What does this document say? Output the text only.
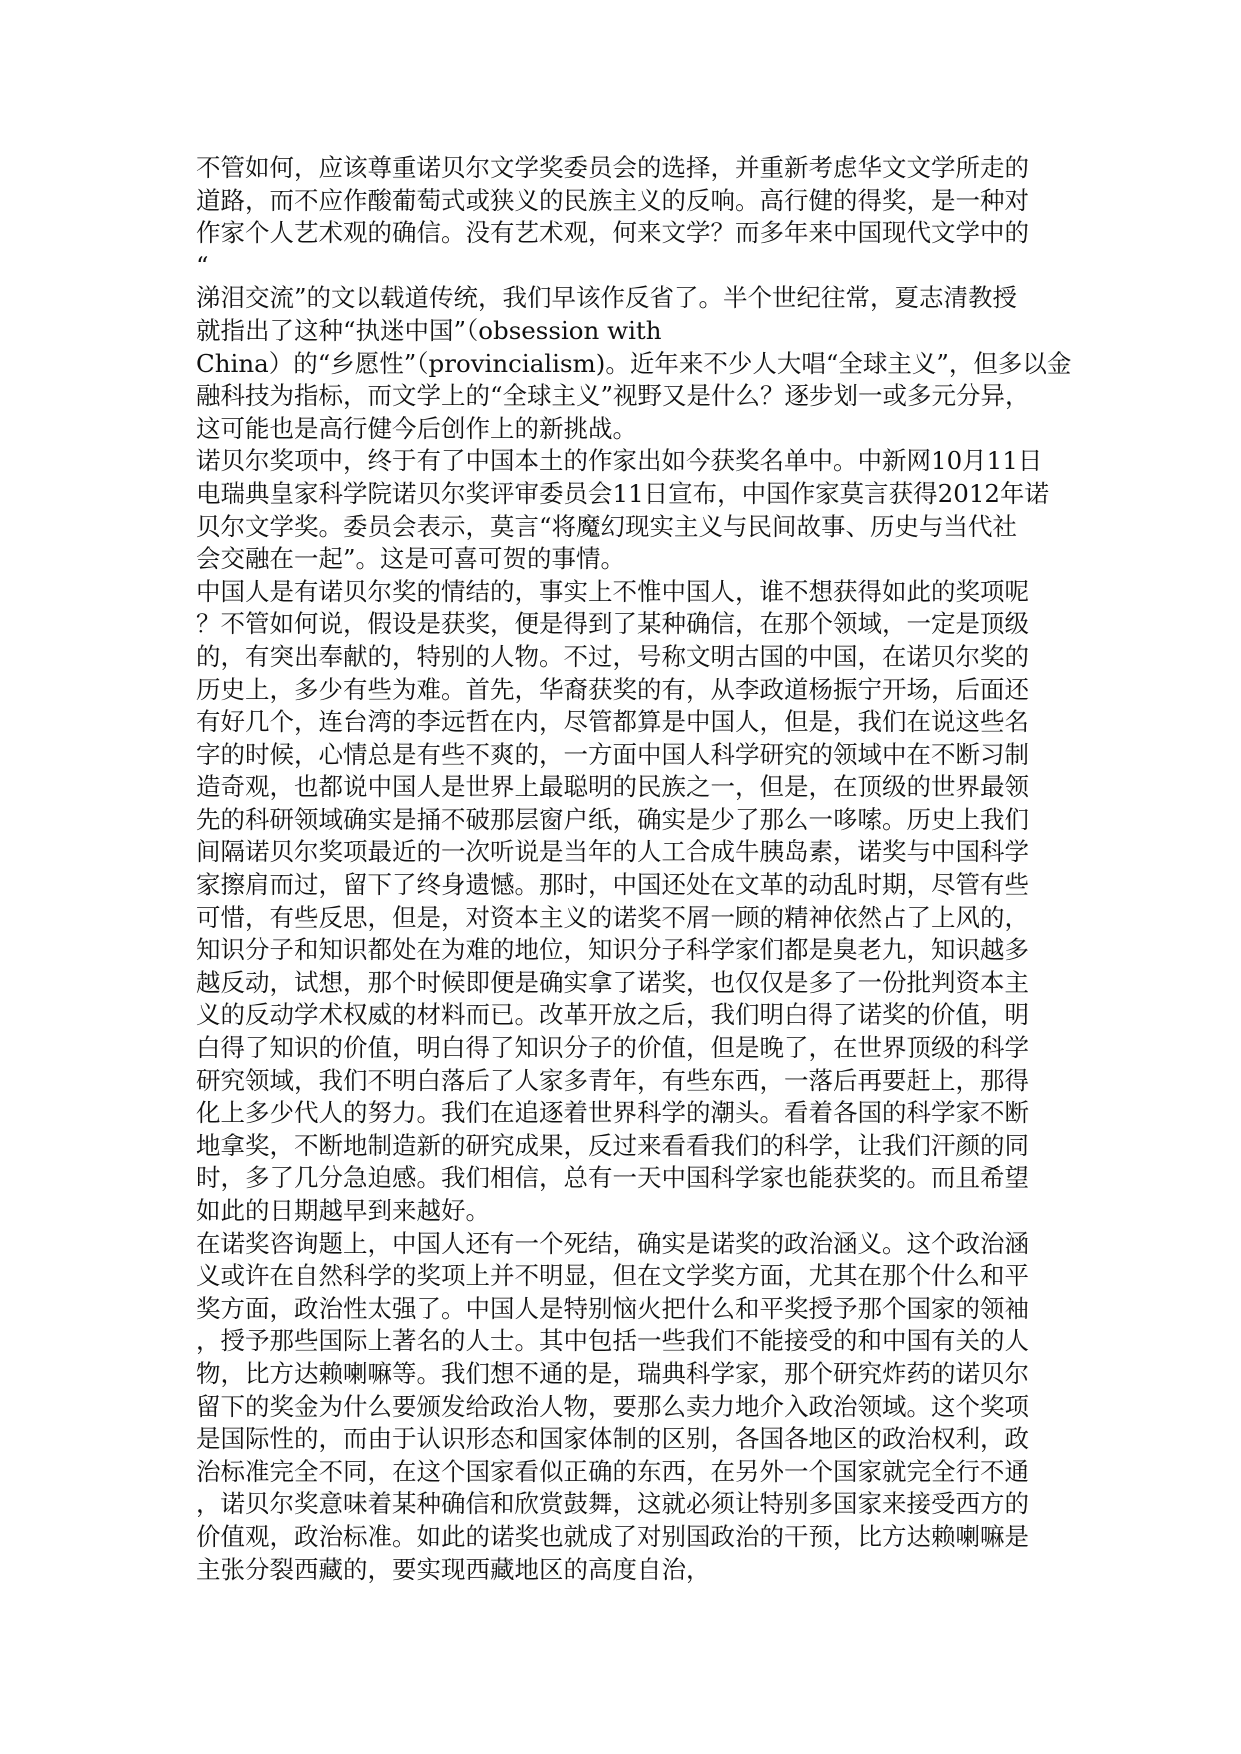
不管如何，应该尊重诺贝尔文学奖委员会的选择，并重新考虑华文文学所走的
道路，而不应作酸葡萄式或狭义的民族主义的反响。高行健的得奖，是一种对
作家个人艺术观的确信。没有艺术观，何来文学？而多年来中国现代文学中的
“
涕泪交流”的文以载道传统，我们早该作反省了。半个世纪往常，夏志清教授
就指出了这种“执迷中国”（obsession with
China）的“乡愿性”（provincialism)。近年来不少人大唱“全球主义”，但多以金
融科技为指标，而文学上的“全球主义”视野又是什么？逐步划一或多元分异，
这可能也是高行健今后创作上的新挑战。
诺贝尔奖项中，终于有了中国本土的作家出如今获奖名单中。中新网10月11日
电瑞典皇家科学院诺贝尔奖评审委员会11日宣布，中国作家莫言获得2012年诺
贝尔文学奖。委员会表示，莫言“将魔幻现实主义与民间故事、历史与当代社
会交融在一起”。这是可喜可贺的事情。
中国人是有诺贝尔奖的情结的，事实上不惟中国人，谁不想获得如此的奖项呢
？不管如何说，假设是获奖，便是得到了某种确信，在那个领域，一定是顶级
的，有突出奉献的，特别的人物。不过，号称文明古国的中国，在诺贝尔奖的
历史上，多少有些为难。首先，华裔获奖的有，从李政道杨振宁开场，后面还
有好几个，连台湾的李远哲在内，尽管都算是中国人，但是，我们在说这些名
字的时候，心情总是有些不爽的，一方面中国人科学研究的领域中在不断习制
造奇观，也都说中国人是世界上最聪明的民族之一，但是，在顶级的世界最领
先的科研领域确实是捅不破那层窗户纸，确实是少了那么一哆嗦。历史上我们
间隔诺贝尔奖项最近的一次听说是当年的人工合成牛胰岛素，诺奖与中国科学
家擦肩而过，留下了终身遗憾。那时，中国还处在文革的动乱时期，尽管有些
可惜，有些反思，但是，对资本主义的诺奖不屑一顾的精神依然占了上风的，
知识分子和知识都处在为难的地位，知识分子科学家们都是臭老九，知识越多
越反动，试想，那个时候即便是确实拿了诺奖，也仅仅是多了一份批判资本主
义的反动学术权威的材料而已。改革开放之后，我们明白得了诺奖的价值，明
白得了知识的价值，明白得了知识分子的价值，但是晚了，在世界顶级的科学
研究领域，我们不明白落后了人家多青年，有些东西，一落后再要赶上，那得
化上多少代人的努力。我们在追逐着世界科学的潮头。看着各国的科学家不断
地拿奖，不断地制造新的研究成果，反过来看看我们的科学，让我们汗颜的同
时，多了几分急迫感。我们相信，总有一天中国科学家也能获奖的。而且希望
如此的日期越早到来越好。
在诺奖咨询题上，中国人还有一个死结，确实是诺奖的政治涵义。这个政治涵
义或许在自然科学的奖项上并不明显，但在文学奖方面，尤其在那个什么和平
奖方面，政治性太强了。中国人是特别恼火把什么和平奖授予那个国家的领袖
，授予那些国际上著名的人士。其中包括一些我们不能接受的和中国有关的人
物，比方达赖喇嘛等。我们想不通的是，瑞典科学家，那个研究炸药的诺贝尔
留下的奖金为什么要颁发给政治人物，要那么卖力地介入政治领域。这个奖项
是国际性的，而由于认识形态和国家体制的区别，各国各地区的政治权利，政
治标准完全不同，在这个国家看似正确的东西，在另外一个国家就完全行不通
，诺贝尔奖意味着某种确信和欣赏鼓舞，这就必须让特别多国家来接受西方的
价值观，政治标准。如此的诺奖也就成了对别国政治的干预，比方达赖喇嘛是
主张分裂西藏的，要实现西藏地区的高度自治，
